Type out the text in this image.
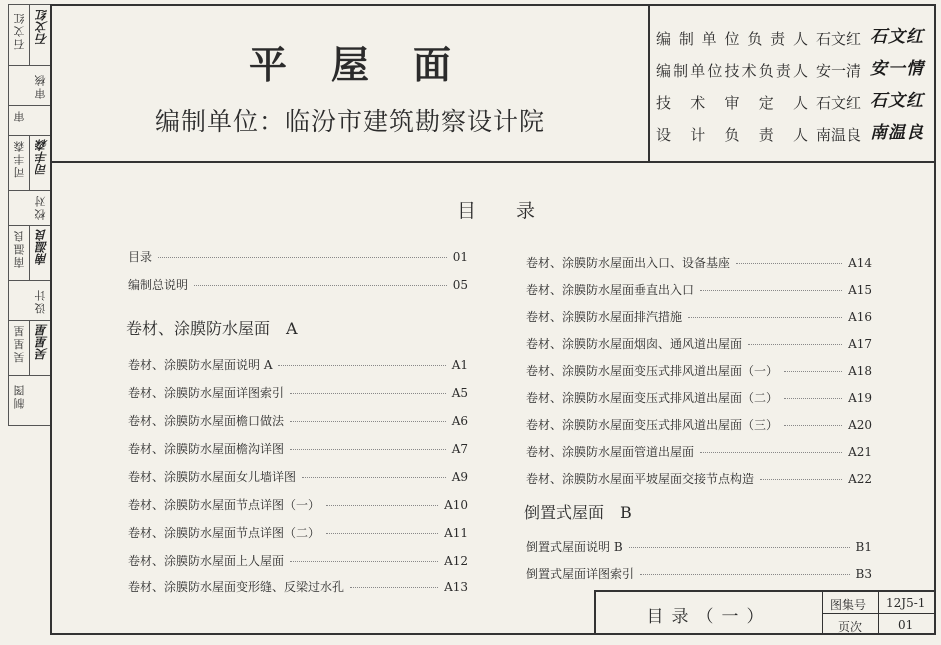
石文红 石文红
审核
审
司丰森 司丰森
校对
南温良 南温良
设计
吴星星 吴星星
制图
平屋面
编制单位：临汾市建筑勘察设计院
编制单位负责人 石文红 石文红
编制单位技术负责人 安一清 安一情
技术审定人 石文红 石文红
设计负责人 南温良 南温良
目录
目录	01
编制总说明	05
卷材、涂膜防水屋面　A
卷材、涂膜防水屋面说明 A	A1
卷材、涂膜防水屋面详图索引	A5
卷材、涂膜防水屋面檐口做法	A6
卷材、涂膜防水屋面檐沟详图	A7
卷材、涂膜防水屋面女儿墙详图	A9
卷材、涂膜防水屋面节点详图（一）	A10
卷材、涂膜防水屋面节点详图（二）	A11
卷材、涂膜防水屋面上人屋面	A12
卷材、涂膜防水屋面变形缝、反梁过水孔	A13
卷材、涂膜防水屋面出入口、设备基座	A14
卷材、涂膜防水屋面垂直出入口	A15
卷材、涂膜防水屋面排汽措施	A16
卷材、涂膜防水屋面烟囱、通风道出屋面	A17
卷材、涂膜防水屋面变压式排风道出屋面（一）	A18
卷材、涂膜防水屋面变压式排风道出屋面（二）	A19
卷材、涂膜防水屋面变压式排风道出屋面（三）	A20
卷材、涂膜防水屋面管道出屋面	A21
卷材、涂膜防水屋面平坡屋面交接节点构造	A22
倒置式屋面　B
倒置式屋面说明 B	B1
倒置式屋面详图索引	B3
目录（一）
图集号 12J5-1
页次	01
